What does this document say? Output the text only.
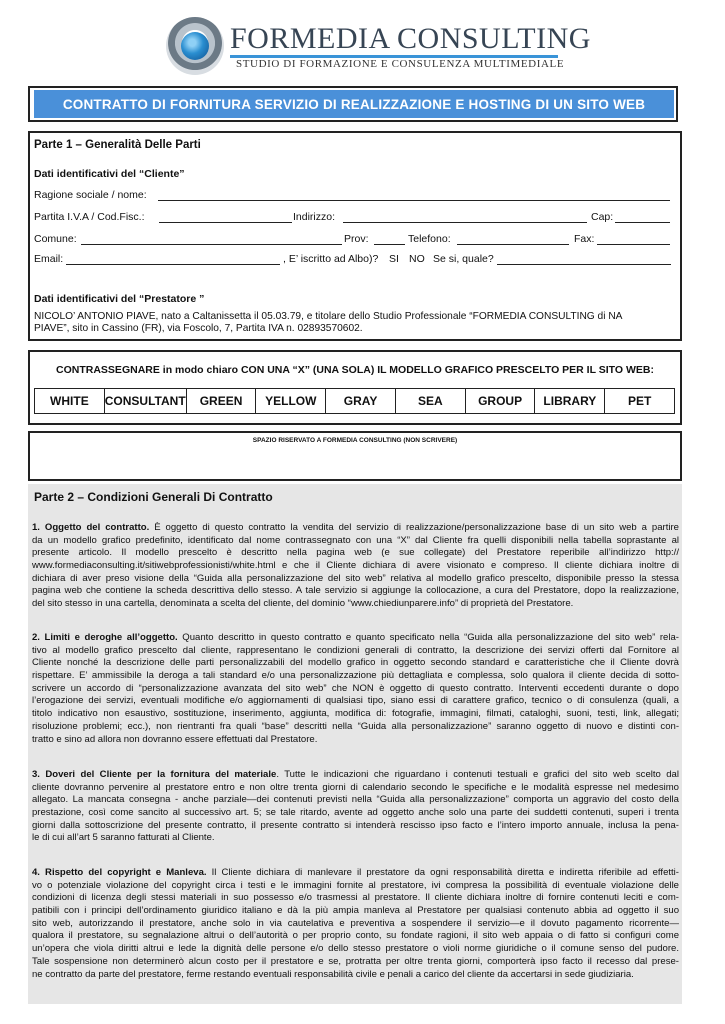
FORMEDIA CONSULTING
STUDIO DI FORMAZIONE E CONSULENZA MULTIMEDIALE
CONTRATTO DI FORNITURA SERVIZIO DI REALIZZAZIONE E HOSTING DI UN SITO WEB
Parte 1 – Generalità Delle Parti
Dati identificativi del “Cliente”
Ragione sociale / nome:
Partita I.V.A / Cod.Fisc.:	Indirizzo:	Cap:
Comune:	Prov:	Telefono:	Fax:
Email:	, E’ iscritto ad Albo)? SI NO Se si, quale?
Dati identificativi del “Prestatore ”
NICOLO’ ANTONIO PIAVE, nato a Caltanissetta il 05.03.79, e titolare dello Studio Professionale “FORMEDIA CONSULTING di NA
PIAVE”, sito in Cassino (FR), via Foscolo, 7, Partita IVA n. 02893570602.
CONTRASSEGNARE in modo chiaro CON UNA “X” (UNA SOLA) IL MODELLO GRAFICO PRESCELTO PER IL SITO WEB:
WHITE	CONSULTANT	GREEN	YELLOW	GRAY	SEA	GROUP	LIBRARY	PET
SPAZIO RISERVATO A FORMEDIA CONSULTING (NON SCRIVERE)
Parte 2 – Condizioni Generali Di Contratto
1. Oggetto del contratto. È oggetto di questo contratto la vendita del servizio di realizzazione/personalizzazione base di un sito web a partire
da un modello grafico predefinito, identificato dal nome contrassegnato con una “X” dal Cliente fra quelli disponibili nella tabella soprastante al
presente articolo. Il modello prescelto è descritto nella pagina web (e sue collegate) del Prestatore reperibile all’indirizzo http://
www.formediaconsulting.it/sitiwebprofessionisti/white.html e che il Cliente dichiara di avere visionato e compreso. Il cliente dichiara inoltre di
dichiara di aver preso visione della “Guida alla personalizzazione del sito web” relativa al modello grafico prescelto, disponibile presso la stessa
pagina web che contiene la scheda descrittiva dello stesso. A tale servizio si aggiunge la collocazione, a cura del Prestatore, dopo la realizzazione,
del sito stesso in una cartella, denominata a scelta del cliente, del dominio “www.chiediunparere.info” di proprietà del Prestatore.
2. Limiti e deroghe all’oggetto. Quanto descritto in questo contratto e quanto specificato nella “Guida alla personalizzazione del sito web” rela-
tivo al modello grafico prescelto dal cliente, rappresentano le condizioni generali di contratto, la descrizione dei servizi offerti dal Fornitore al
Cliente nonché la descrizione delle parti personalizzabili del modello grafico in oggetto secondo standard e caratteristiche che il Cliente dovrà
rispettare. E’ ammissibile la deroga a tali standard e/o una personalizzazione più dettagliata e complessa, solo qualora il cliente decida di sotto-
scrivere un accordo di “personalizzazione avanzata del sito web” che NON è oggetto di questo contratto. Interventi eccedenti durante o dopo
l’erogazione dei servizi, eventuali modifiche e/o aggiornamenti di qualsiasi tipo, siano essi di carattere grafico, tecnico o di consulenza (quali, a
titolo indicativo non esaustivo, sostituzione, inserimento, aggiunta, modifica di: fotografie, immagini, filmati, cataloghi, suoni, testi, link, allegati;
risoluzione problemi; ecc.), non rientranti fra quali “base” descritti nella “Guida alla personalizzazione” saranno oggetto di nuovo e distinti con-
tratto e sino ad allora non dovranno essere effettuati dal Prestatore.
3. Doveri del Cliente per la fornitura del materiale. Tutte le indicazioni che riguardano i contenuti testuali e grafici del sito web scelto dal
cliente dovranno pervenire al prestatore entro e non oltre trenta giorni di calendario secondo le specifiche e le modalità espresse nel medesimo
allegato. La mancata consegna - anche parziale—dei contenuti previsti nella “Guida alla personalizzazione” comporta un aggravio del costo della
prestazione, così come sancito al successivo art. 5; se tale ritardo, avente ad oggetto anche solo una parte dei suddetti contenuti, superi i trenta
giorni dalla sottoscrizione del presente contratto, il presente contratto si intenderà rescisso ipso facto e l’intero importo annuale, inclusa la pena-
le di cui all’art 5 saranno fatturati al Cliente.
4. Rispetto del copyright e Manleva. Il Cliente dichiara di manlevare il prestatore da ogni responsabilità diretta e indiretta riferibile ad effetti-
vo o potenziale violazione del copyright circa i testi e le immagini fornite al prestatore, ivi compresa la possibilità di eventuale violazione delle
condizioni di licenza degli stessi materiali in suo possesso e/o trasmessi al prestatore. Il cliente dichiara inoltre di fornire contenuti leciti e com-
patibili con i principi dell’ordinamento giuridico italiano e dà la più ampia manleva al Prestatore per qualsiasi contenuto abbia ad oggetto il suo
sito web, autorizzando il prestatore, anche solo in via cautelativa e preventiva a sospendere il servizio—e il dovuto pagamento ricorrente—
qualora il prestatore, su segnalazione altrui o dell’autorità o per proprio conto, su fondate ragioni, il sito web appaia o di fatto si configuri come
un’opera che viola diritti altrui e lede la dignità delle persone e/o dello stesso prestatore o violi norme giuridiche o il comune senso del pudore.
Tale sospensione non determinerò alcun costo per il prestatore e se, protratta per oltre trenta giorni, comporterà ipso facto il recesso dal prese-
ne contratto da parte del prestatore, ferme restando eventuali responsabilità civile e penali a carico del cliente da accertarsi in sede giudiziaria.
